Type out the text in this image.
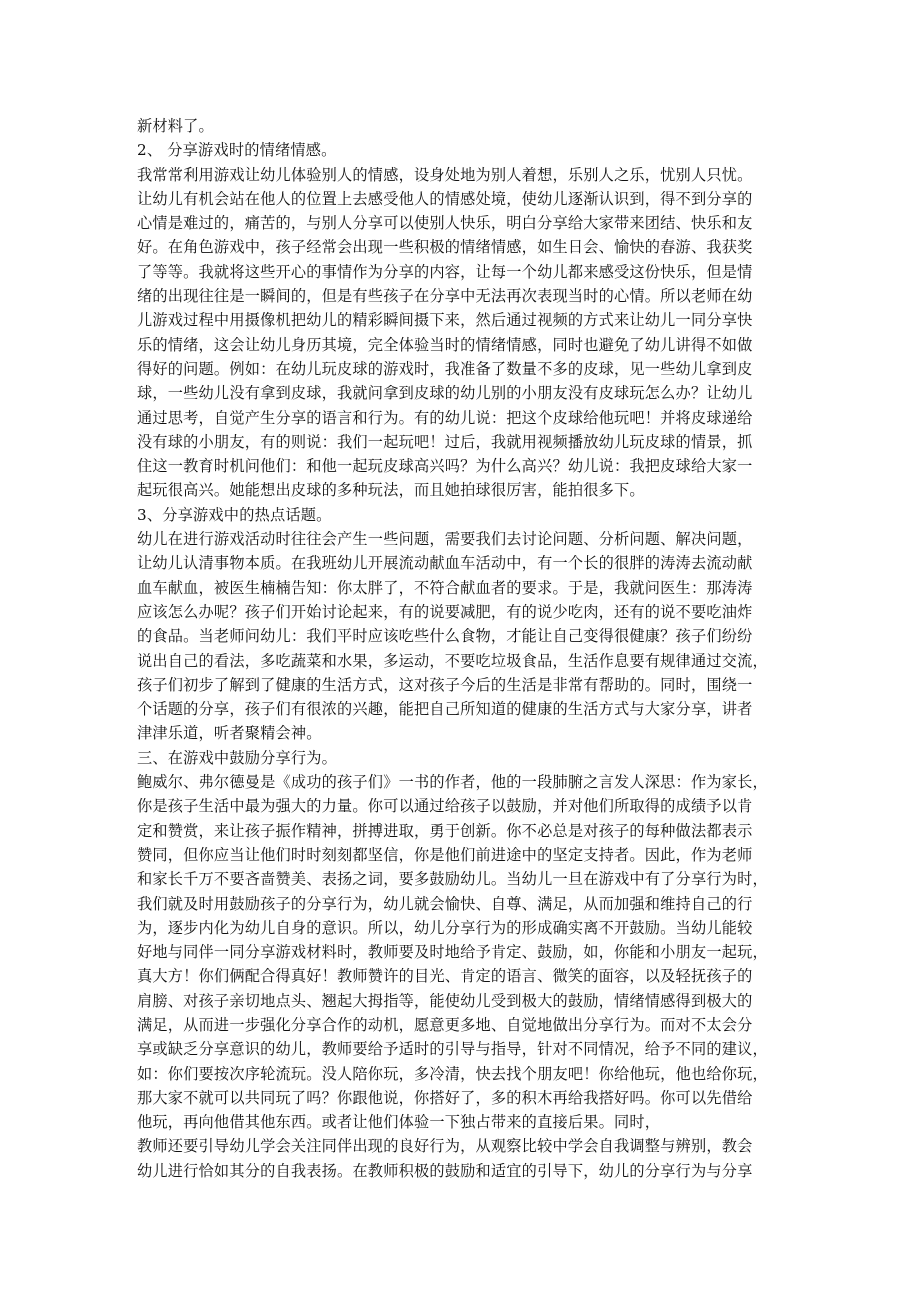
新材料了。
2、 分享游戏时的情绪情感。
我常常利用游戏让幼儿体验别人的情感，设身处地为别人着想，乐别人之乐，忧别人只忧。
让幼儿有机会站在他人的位置上去感受他人的情感处境，使幼儿逐渐认识到，得不到分享的
心情是难过的，痛苦的，与别人分享可以使别人快乐，明白分享给大家带来团结、快乐和友
好。在角色游戏中，孩子经常会出现一些积极的情绪情感，如生日会、愉快的春游、我获奖
了等等。我就将这些开心的事情作为分享的内容，让每一个幼儿都来感受这份快乐，但是情
绪的出现往往是一瞬间的，但是有些孩子在分享中无法再次表现当时的心情。所以老师在幼
儿游戏过程中用摄像机把幼儿的精彩瞬间摄下来，然后通过视频的方式来让幼儿一同分享快
乐的情绪，这会让幼儿身历其境，完全体验当时的情绪情感，同时也避免了幼儿讲得不如做
得好的问题。例如：在幼儿玩皮球的游戏时，我准备了数量不多的皮球，见一些幼儿拿到皮
球，一些幼儿没有拿到皮球，我就问拿到皮球的幼儿别的小朋友没有皮球玩怎么办？让幼儿
通过思考，自觉产生分享的语言和行为。有的幼儿说：把这个皮球给他玩吧！并将皮球递给
没有球的小朋友，有的则说：我们一起玩吧！过后，我就用视频播放幼儿玩皮球的情景，抓
住这一教育时机问他们：和他一起玩皮球高兴吗？为什么高兴？幼儿说：我把皮球给大家一
起玩很高兴。她能想出皮球的多种玩法，而且她拍球很厉害，能拍很多下。
3、分享游戏中的热点话题。
幼儿在进行游戏活动时往往会产生一些问题，需要我们去讨论问题、分析问题、解决问题，
让幼儿认清事物本质。在我班幼儿开展流动献血车活动中，有一个长的很胖的涛涛去流动献
血车献血，被医生楠楠告知：你太胖了，不符合献血者的要求。于是，我就问医生：那涛涛
应该怎么办呢？孩子们开始讨论起来，有的说要减肥，有的说少吃肉，还有的说不要吃油炸
的食品。当老师问幼儿：我们平时应该吃些什么食物，才能让自己变得很健康？孩子们纷纷
说出自己的看法，多吃蔬菜和水果，多运动，不要吃垃圾食品，生活作息要有规律通过交流，
孩子们初步了解到了健康的生活方式，这对孩子今后的生活是非常有帮助的。同时，围绕一
个话题的分享，孩子们有很浓的兴趣，能把自己所知道的健康的生活方式与大家分享，讲者
津津乐道，听者聚精会神。
三、在游戏中鼓励分享行为。
鲍威尔、弗尔德曼是《成功的孩子们》一书的作者，他的一段肺腑之言发人深思：作为家长，
你是孩子生活中最为强大的力量。你可以通过给孩子以鼓励，并对他们所取得的成绩予以肯
定和赞赏，来让孩子振作精神，拼搏进取，勇于创新。你不必总是对孩子的每种做法都表示
赞同，但你应当让他们时时刻刻都坚信，你是他们前进途中的坚定支持者。因此，作为老师
和家长千万不要吝啬赞美、表扬之词，要多鼓励幼儿。当幼儿一旦在游戏中有了分享行为时，
我们就及时用鼓励孩子的分享行为，幼儿就会愉快、自尊、满足，从而加强和维持自己的行
为，逐步内化为幼儿自身的意识。所以，幼儿分享行为的形成确实离不开鼓励。当幼儿能较
好地与同伴一同分享游戏材料时，教师要及时地给予肯定、鼓励，如，你能和小朋友一起玩，
真大方！你们俩配合得真好！教师赞许的目光、肯定的语言、微笑的面容，以及轻抚孩子的
肩膀、对孩子亲切地点头、翘起大拇指等，能使幼儿受到极大的鼓励，情绪情感得到极大的
满足，从而进一步强化分享合作的动机，愿意更多地、自觉地做出分享行为。而对不太会分
享或缺乏分享意识的幼儿，教师要给予适时的引导与指导，针对不同情况，给予不同的建议，
如：你们要按次序轮流玩。没人陪你玩，多冷清，快去找个朋友吧！你给他玩，他也给你玩，
那大家不就可以共同玩了吗？你跟他说，你搭好了，多的积木再给我搭好吗。你可以先借给
他玩，再向他借其他东西。或者让他们体验一下独占带来的直接后果。同时，
教师还要引导幼儿学会关注同伴出现的良好行为，从观察比较中学会自我调整与辨别，教会
幼儿进行恰如其分的自我表扬。在教师积极的鼓励和适宜的引导下，幼儿的分享行为与分享
